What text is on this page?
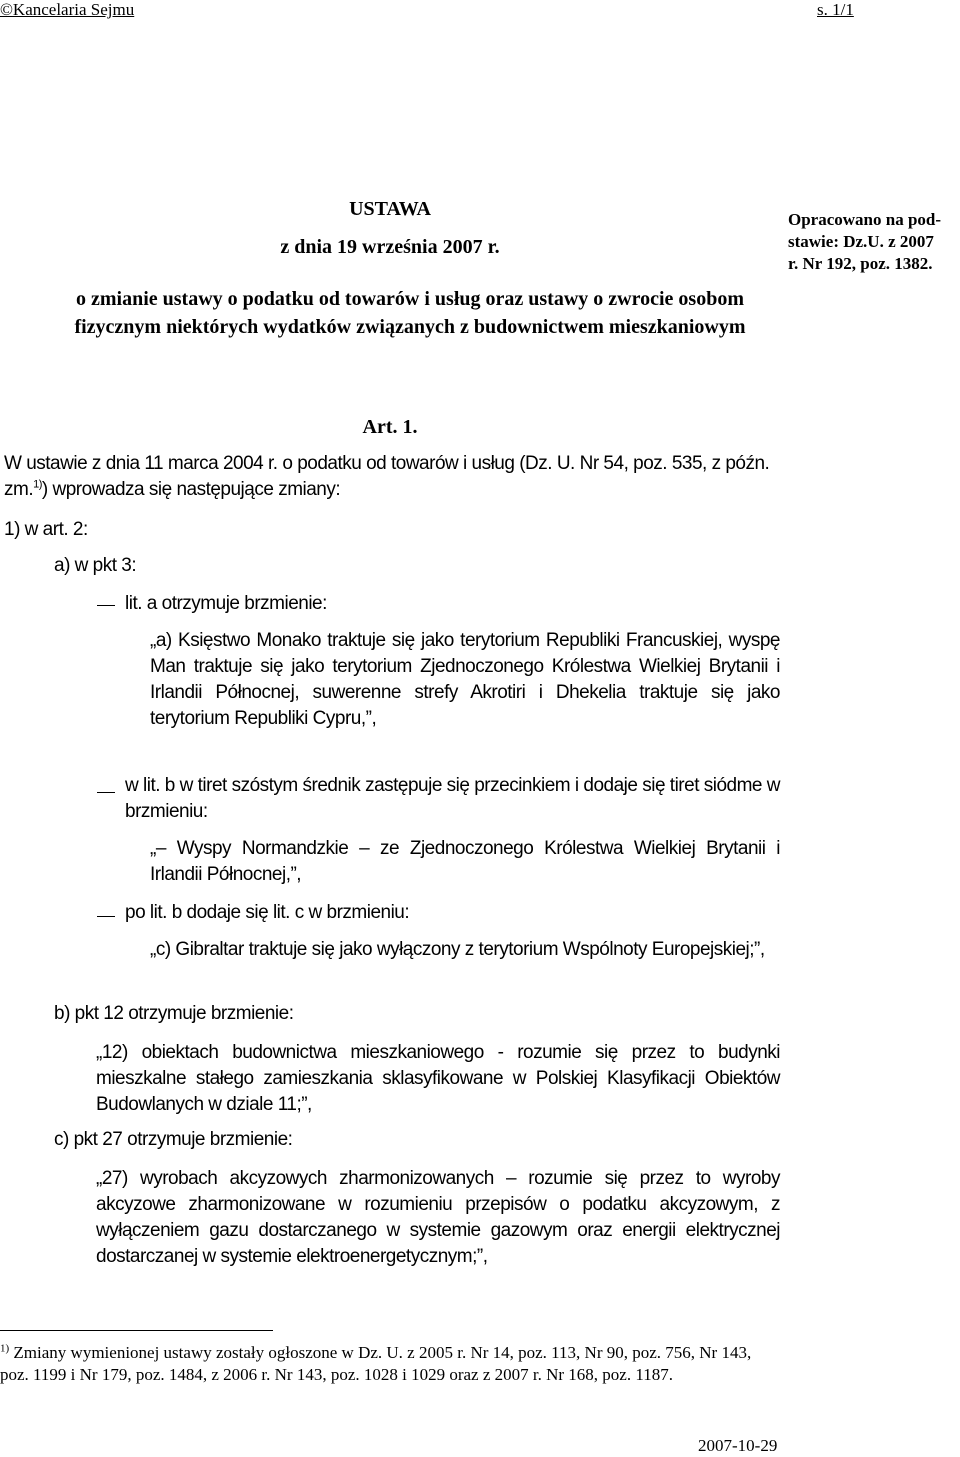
©Kancelaria Sejmu	s. 1/1
USTAWA
z dnia 19 września 2007 r.
Opracowano na pod-
stawie: Dz.U. z 2007
r. Nr 192, poz. 1382.
o zmianie ustawy o podatku od towarów i usług oraz ustawy o zwrocie osobom
fizycznym niektórych wydatków związanych z budownictwem mieszkaniowym
Art. 1.
W ustawie z dnia 11 marca 2004 r. o podatku od towarów i usług (Dz. U. Nr 54, poz. 535, z późn. zm.$^{1)}$) wprowadza się następujące zmiany:
1) w art. 2:
a) w pkt 3:
lit. a otrzymuje brzmienie:
„a) Księstwo Monako traktuje się jako terytorium Republiki Francuskiej, wyspę Man traktuje się jako terytorium Zjednoczonego Królestwa Wielkiej Brytanii i Irlandii Północnej, suwerenne strefy Akrotiri i Dhekelia traktuje się jako terytorium Republiki Cypru,”,
w lit. b w tiret szóstym średnik zastępuje się przecinkiem i dodaje się tiret siódme w brzmieniu:
„– Wyspy Normandzkie – ze Zjednoczonego Królestwa Wielkiej Brytanii i Irlandii Północnej,”,
po lit. b dodaje się lit. c w brzmieniu:
„c) Gibraltar traktuje się jako wyłączony z terytorium Wspólnoty Europejskiej;”,
b) pkt 12 otrzymuje brzmienie:
„12) obiektach budownictwa mieszkaniowego - rozumie się przez to budynki mieszkalne stałego zamieszkania sklasyfikowane w Polskiej Klasyfikacji Obiektów Budowlanych w dziale 11;”,
c) pkt 27 otrzymuje brzmienie:
„27) wyrobach akcyzowych zharmonizowanych – rozumie się przez to wyroby akcyzowe zharmonizowane w rozumieniu przepisów o podatku akcyzowym, z wyłączeniem gazu dostarczanego w systemie gazowym oraz energii elektrycznej dostarczanej w systemie elektroenergetycznym;”,
$^{1)}$ Zmiany wymienionej ustawy zostały ogłoszone w Dz. U. z 2005 r. Nr 14, poz. 113, Nr 90, poz. 756, Nr 143, poz. 1199 i Nr 179, poz. 1484, z 2006 r. Nr 143, poz. 1028 i 1029 oraz z 2007 r. Nr 168, poz. 1187.
2007-10-29
